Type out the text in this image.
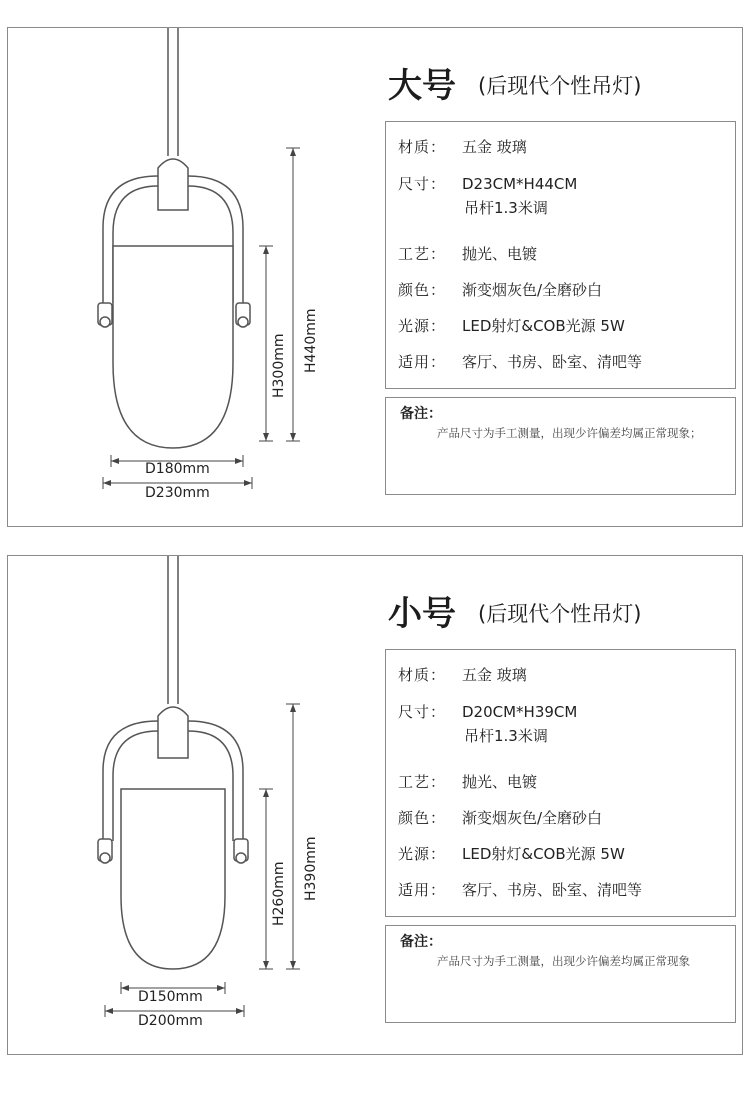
H300mm H440mm
D180mm
D230mm
大号 (后现代个性吊灯)
材质： 五金 玻璃
尺寸： D23CM*H44CM
吊杆1.3米调
工艺： 抛光、电镀
颜色： 渐变烟灰色/全磨砂白
光源： LED射灯&COB光源 5W
适用： 客厅、书房、卧室、清吧等
备注：
产品尺寸为手工测量，出现少许偏差均属正常现象；
H260mm H390mm
D150mm
D200mm
小号 (后现代个性吊灯)
材质： 五金 玻璃
尺寸： D20CM*H39CM
吊杆1.3米调
工艺： 抛光、电镀
颜色： 渐变烟灰色/全磨砂白
光源： LED射灯&COB光源 5W
适用： 客厅、书房、卧室、清吧等
备注：
产品尺寸为手工测量，出现少许偏差均属正常现象
